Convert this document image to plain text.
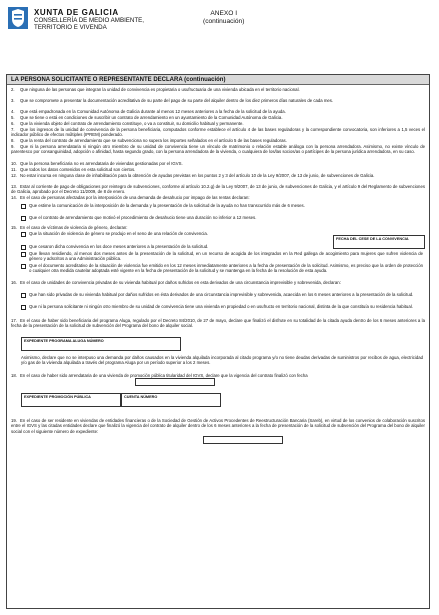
XUNTA DE GALICIA
CONSELLERÍA DE MEDIO AMBIENTE,
TERRITORIO E VIVENDA
ANEXO I
(continuación)
LA PERSONA SOLICITANTE O REPRESENTANTE DECLARA (continuación)
2. Que ninguna de las personas que integran la unidad de convivencia es propietaria o usufructuaria de una vivienda ubicada en el territorio nacional.
3. Que se compromete a presentar la documentación acreditativa de su parte del pago de su parte del alquiler dentro de los diez primeros días naturales de cada mes.
4. Que está empadronada en la Comunidad Autónoma de Galicia durante al menos 12 meses anteriores a la fecha de la solicitud de la ayuda.
5. Que se tiene o está en condiciones de suscribir un contrato de arrendamiento en un ayuntamiento de la Comunidad Autónoma de Galicia.
6. Que la vivienda objeto del contrato de arrendamiento constituye, o va a constituir, su domicilio habitual y permanente.
7. Que los ingresos de la unidad de convivencia de la persona beneficiaria, computados conforme establece el artículo 4 de las bases reguladoras y la correspondiente convocatoria, son inferiores a 1,5 veces el indicador público de efectos múltiples (IPREM) ponderado.
8. Que la renta del contrato de arrendamiento que se subvenciona no supera los importes señalados en el artículo 5 de las bases reguladoras.
9. Que ni la persona arrendataria ni ningún otro miembro de su unidad de convivencia tiene un vínculo de matrimonio o relación estable análoga con la persona arrendadora. Asimismo, no existe vínculo de parentesco por consanguinidad, adopción o afinidad, hasta segundo grado, con la persona arrendadora de la vivienda, o cualquiera de los/las socios/as o partícipes de la persona jurídica arrendadora, en su caso.
10. Que la persona beneficiaria no es arrendataria de viviendas gestionadas por el IGVS.
11. Que todos los datos contenidos en esta solicitud son ciertos.
12. No estar incursa en ninguna clase de inhabilitación para la obtención de ayudas previstas en los puntos 2 y 3 del artículo 10 de la Ley 9/2007, de 13 de junio, de subvenciones de Galicia.
13. Estar al corriente de pago de obligaciones por reintegro de subvenciones, conforme al artículo 10.2.g) de la Ley 9/2007, de 13 de junio, de subvenciones de Galicia, y el artículo 9 del Reglamento de subvenciones de Galicia, aprobado por el Decreto 11/2009, de 8 de enero.
14. En el caso de personas afectadas por la interposición de una demanda de desahucio por impago de las rentas declaran:
Que estime la comunicación de la interposición de la demanda y la presentación de la solicitud de la ayuda no han transcurrido más de 6 meses.
Que el contrato de arrendamiento que motivó el procedimiento de desahucio tiene una duración no inferior a 12 meses.
15. En el caso de víctimas de violencia de género, declaran:
Que la situación de violencia de género se produjo en el seno de una relación de convivencia.
FECHA DEL CESE DE LA CONVIVENCIA
Que cesaron dicha convivencia en los doce meses anteriores a la presentación de la solicitud.
Que llevan residiendo, al menos dos meses antes de la presentación de la solicitud, en un recurso de acogida de los integrados en la Red gallega de acogimiento para mujeres que sufren violencia de género y adscritos a una Administración pública.
Que el documento acreditativo de la situación de violencia fue emitido en los 12 meses inmediatamente anteriores a la fecha de presentación de la solicitud. Asimismo, es preciso que la orden de protección o cualquier otra medida cautelar adoptada esté vigente en la fecha de presentación de la solicitud y se mantenga en la fecha de la resolución de esta ayuda.
16. En el caso de unidades de convivencia privadas de su vivienda habitual por daños sufridos en esta derivados de una circunstancia imprevisible y sobrevenida, declaran:
Que han sido privadas de su vivienda habitual por daños sufridos en ésta derivados de una circunstancia imprevisible y sobrevenida, acaecida en los 6 meses anteriores a la presentación de la solicitud.
Que ni la persona solicitante ni ningún otro miembro de su unidad de convivencia tiene una vivienda en propiedad o en usufructo en territorio nacional, distinta de la que constituía su residencia habitual.
17. En el caso de haber sido beneficiaria del programa Aluga, regulado por el Decreto 84/2010, de 27 de mayo, declare que finalizó el disfrute en su totalidad de la citada ayuda dentro de los 6 meses anteriores a la fecha de la presentación de la solicitud de subvención del Programa del bono de alquiler social.
EXPEDIENTE PROGRAMA ALUGA NÚMERO
Asimismo, declare que no se interpuso una demanda por daños causados en la vivienda alquilada incorporada al citado programa y/o no tiene deudas derivadas de suministros por recibos de agua, electricidad y/o gas de la vivienda alquilada a través del programa Aluga por un período superior a los 2 meses.
18. En el caso de haber sido arrendataria de una vivienda de promoción pública titularidad del IGVS, declare que la vigencia del contrato finalizó con fecha
EXPEDIENTE PROMOCIÓN PÚBLICA	CUENTA NÚMERO
19. En el caso de ser residente en viviendas de entidades financieras o de la Sociedad de Gestión de Activos Procedentes de Reestructuración Bancaria (Sareb), en virtud de los convenios de colaboración suscritos entre el IGVS y las citadas entidades declare que finalizó la vigencia del contrato de alquiler dentro de los 6 meses anteriores a la fecha de presentación de la solicitud de subvención del Programa del bono de alquiler social con el siguiente número de expediente:
